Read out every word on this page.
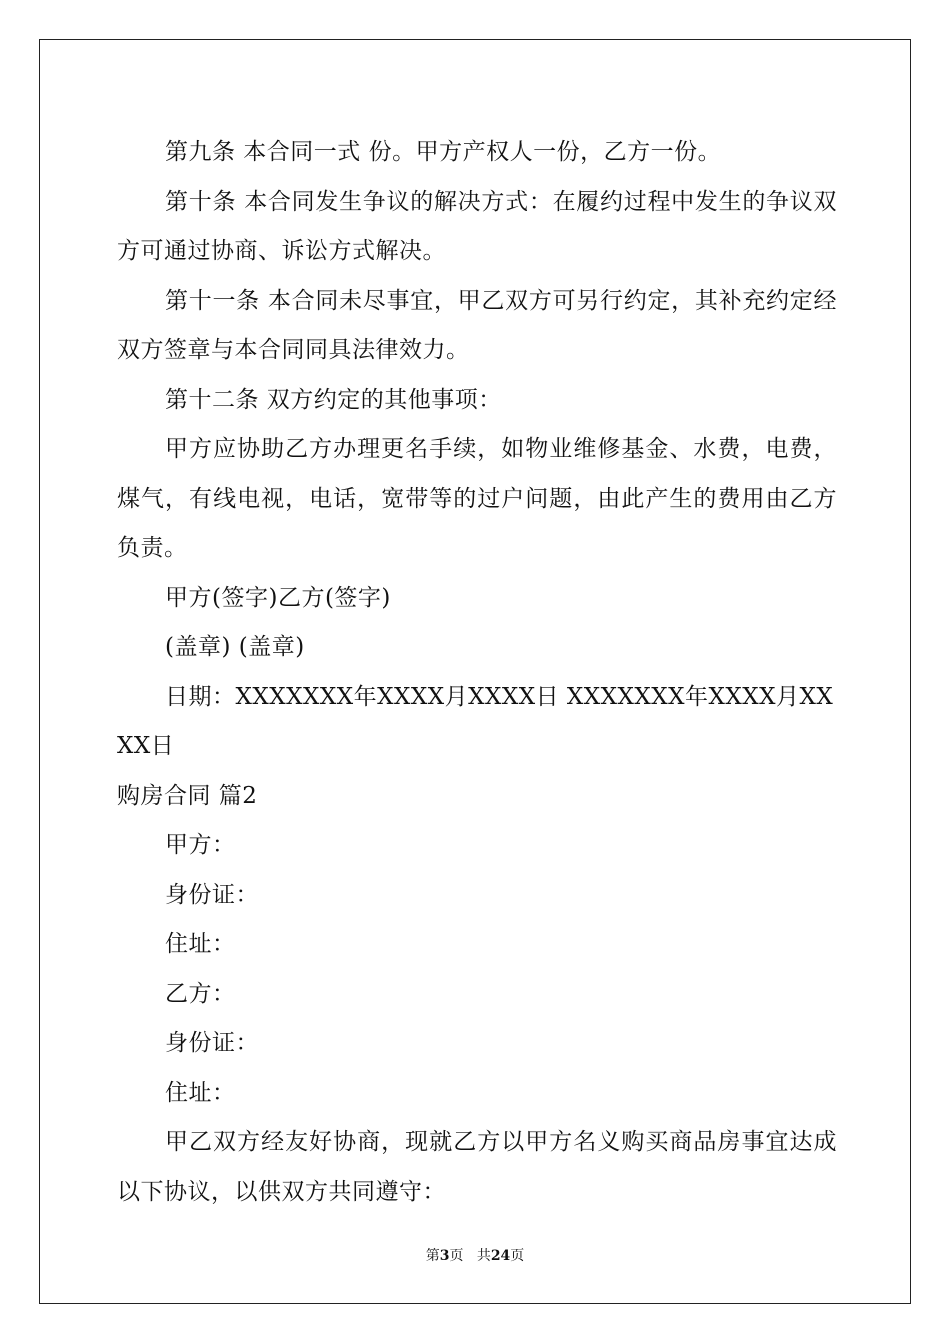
第九条 本合同一式 份。甲方产权人一份，乙方一份。

第十条 本合同发生争议的解决方式：在履约过程中发生的争议双方可通过协商、诉讼方式解决。

第十一条 本合同未尽事宜，甲乙双方可另行约定，其补充约定经双方签章与本合同同具法律效力。

第十二条 双方约定的其他事项：

甲方应协助乙方办理更名手续，如物业维修基金、水费，电费，煤气，有线电视，电话，宽带等的过户问题，由此产生的费用由乙方负责。

甲方(签字)乙方(签字)

(盖章) (盖章)

日期：XXXXXXX年XXXX月XXXX日 XXXXXXX年XXXX月XXXX日

购房合同 篇2

甲方：

身份证：

住址：

乙方：

身份证：

住址：

甲乙双方经友好协商，现就乙方以甲方名义购买商品房事宜达成以下协议，以供双方共同遵守：

第3页 共24页
